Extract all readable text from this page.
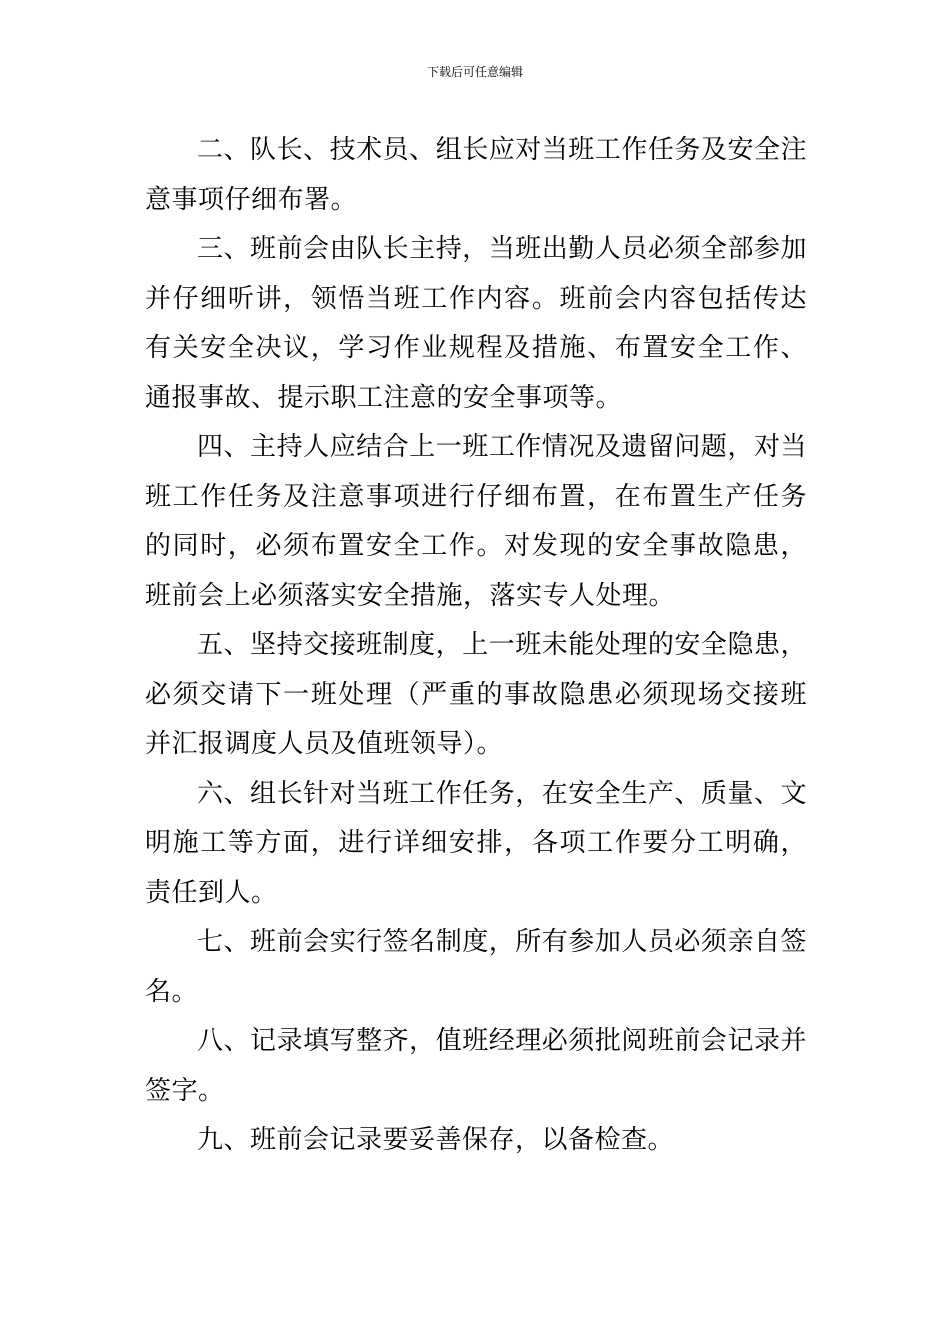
下载后可任意编辑

二、队长、技术员、组长应对当班工作任务及安全注意事项仔细布署。

三、班前会由队长主持，当班出勤人员必须全部参加并仔细听讲，领悟当班工作内容。班前会内容包括传达有关安全决议，学习作业规程及措施、布置安全工作、通报事故、提示职工注意的安全事项等。

四、主持人应结合上一班工作情况及遗留问题，对当班工作任务及注意事项进行仔细布置，在布置生产任务的同时，必须布置安全工作。对发现的安全事故隐患，班前会上必须落实安全措施，落实专人处理。

五、坚持交接班制度，上一班未能处理的安全隐患，必须交请下一班处理（严重的事故隐患必须现场交接班并汇报调度人员及值班领导）。

六、组长针对当班工作任务，在安全生产、质量、文明施工等方面，进行详细安排，各项工作要分工明确，责任到人。

七、班前会实行签名制度，所有参加人员必须亲自签名。

八、记录填写整齐，值班经理必须批阅班前会记录并签字。

九、班前会记录要妥善保存，以备检查。
